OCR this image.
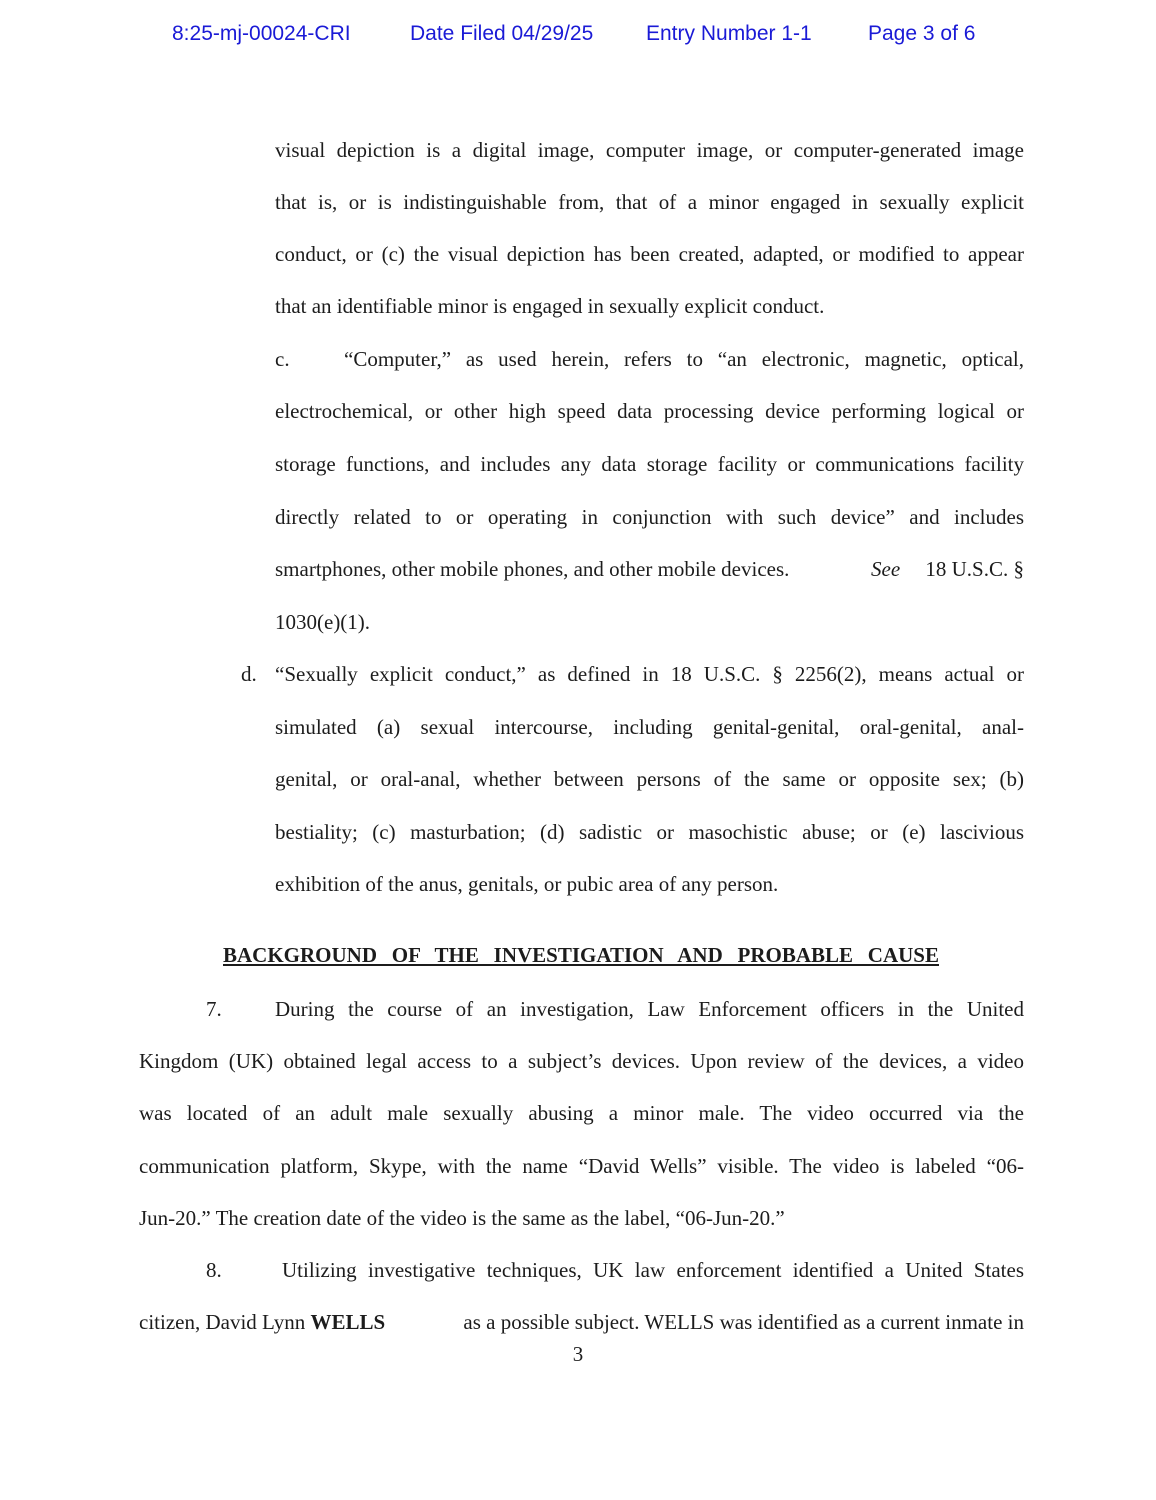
8:25-mj-00024-CRI	Date Filed 04/29/25	Entry Number 1-1	Page 3 of 6
visual depiction is a digital image, computer image, or computer-generated image
that is, or is indistinguishable from, that of a minor engaged in sexually explicit
conduct, or (c) the visual depiction has been created, adapted, or modified to appear
that an identifiable minor is engaged in sexually explicit conduct.
c.	“Computer,” as used herein, refers to “an electronic, magnetic, optical,
electrochemical, or other high speed data processing device performing logical or
storage functions, and includes any data storage facility or communications facility
directly related to or operating in conjunction with such device” and includes
smartphones, other mobile phones, and other mobile devices.	See	18 U.S.C. §
1030(e)(1).
d. “Sexually explicit conduct,” as defined in 18 U.S.C. § 2256(2), means actual or
simulated (a) sexual intercourse, including genital-genital, oral-genital, anal-
genital, or oral-anal, whether between persons of the same or opposite sex; (b)
bestiality; (c) masturbation; (d) sadistic or masochistic abuse; or (e) lascivious
exhibition of the anus, genitals, or pubic area of any person.
BACKGROUND OF THE INVESTIGATION AND PROBABLE CAUSE
7.	During the course of an investigation, Law Enforcement officers in the United
Kingdom (UK) obtained legal access to a subject’s devices. Upon review of the devices, a video
was located of an adult male sexually abusing a minor male. The video occurred via the
communication platform, Skype, with the name “David Wells” visible. The video is labeled “06-
Jun-20.” The creation date of the video is the same as the label, “06-Jun-20.”
8.	Utilizing investigative techniques, UK law enforcement identified a United States
citizen, David Lynn WELLS	as a possible subject. WELLS was identified as a current inmate in
3
